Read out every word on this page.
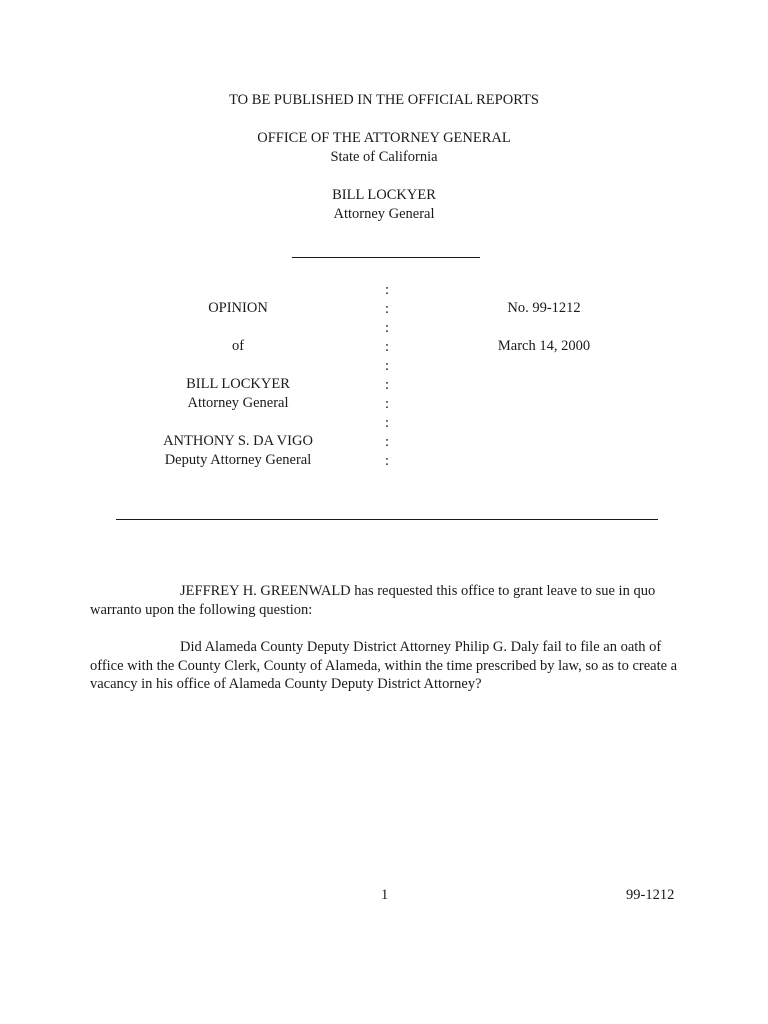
TO BE PUBLISHED IN THE OFFICIAL REPORTS
OFFICE OF THE ATTORNEY GENERAL
State of California
BILL LOCKYER
Attorney General
:
:
:
:
:
:
:
:
:
:
OPINION
of
BILL LOCKYER
Attorney General
ANTHONY S. DA VIGO
Deputy Attorney General
No. 99-1212
March 14, 2000
JEFFREY H. GREENWALD has requested this office to grant leave to sue in quo warranto upon the following question:
Did Alameda County Deputy District Attorney Philip G. Daly fail to file an oath of office with the County Clerk, County of Alameda, within the time prescribed by law, so as to create a vacancy in his office of Alameda County Deputy District Attorney?
1	99-1212
